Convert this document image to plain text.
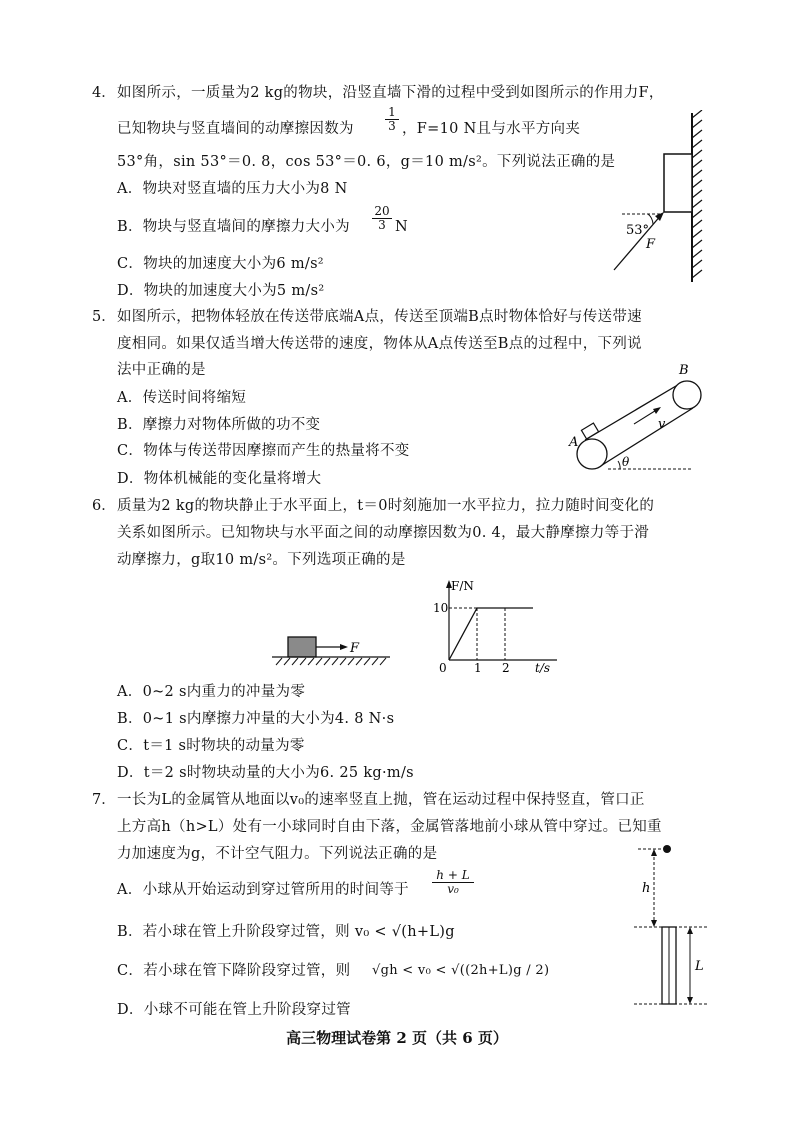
4． 如图所示，一质量为2 kg的物块，沿竖直墙下滑的过程中受到如图所示的作用力F，
已知物块与竖直墙间的动摩擦因数为	$\frac{1}{3}$ ，F=10 N且与水平方向夹
53°角，sin 53°＝0. 8，cos 53°＝0. 6，g＝10 m/s²。下列说法正确的是
A．物块对竖直墙的压力大小为8 N
B．物块与竖直墙间的摩擦力大小为 $\frac{20}{3}$ N
C．物块的加速度大小为6 m/s²
D．物块的加速度大小为5 m/s²
53°
F
5． 如图所示，把物体轻放在传送带底端A点，传送至顶端B点时物体恰好与传送带速
度相同。如果仅适当增大传送带的速度，物体从A点传送至B点的过程中，下列说
法中正确的是
A．传送时间将缩短
B．摩擦力对物体所做的功不变
C．物体与传送带因摩擦而产生的热量将不变
D．物体机械能的变化量将增大
v
A
B
θ
6． 质量为2 kg的物块静止于水平面上，t＝0时刻施加一水平拉力，拉力随时间变化的
关系如图所示。已知物块与水平面之间的动摩擦因数为0. 4，最大静摩擦力等于滑
动摩擦力，g取10 m/s²。下列选项正确的是
F
F/N
t/s
10
0 1 2
A．0~2 s内重力的冲量为零
B．0~1 s内摩擦力冲量的大小为4. 8 N·s
C．t＝1 s时物块的动量为零
D．t＝2 s时物块动量的大小为6. 25 kg·m/s
7． 一长为L的金属管从地面以v₀的速率竖直上抛，管在运动过程中保持竖直，管口正
上方高h（h>L）处有一小球同时自由下落，金属管落地前小球从管中穿过。已知重
力加速度为g，不计空气阻力。下列说法正确的是
A．小球从开始运动到穿过管所用的时间等于 $\frac{h + L}{\text{v₀}}$
B．若小球在管上升阶段穿过管，则 v₀ < √(h+L)g
C．若小球在管下降阶段穿过管，则 √gh < v₀ < √((2h+L)g / 2)
D．小球不可能在管上升阶段穿过管
h
L
高三物理试卷第 2 页（共 6 页）
